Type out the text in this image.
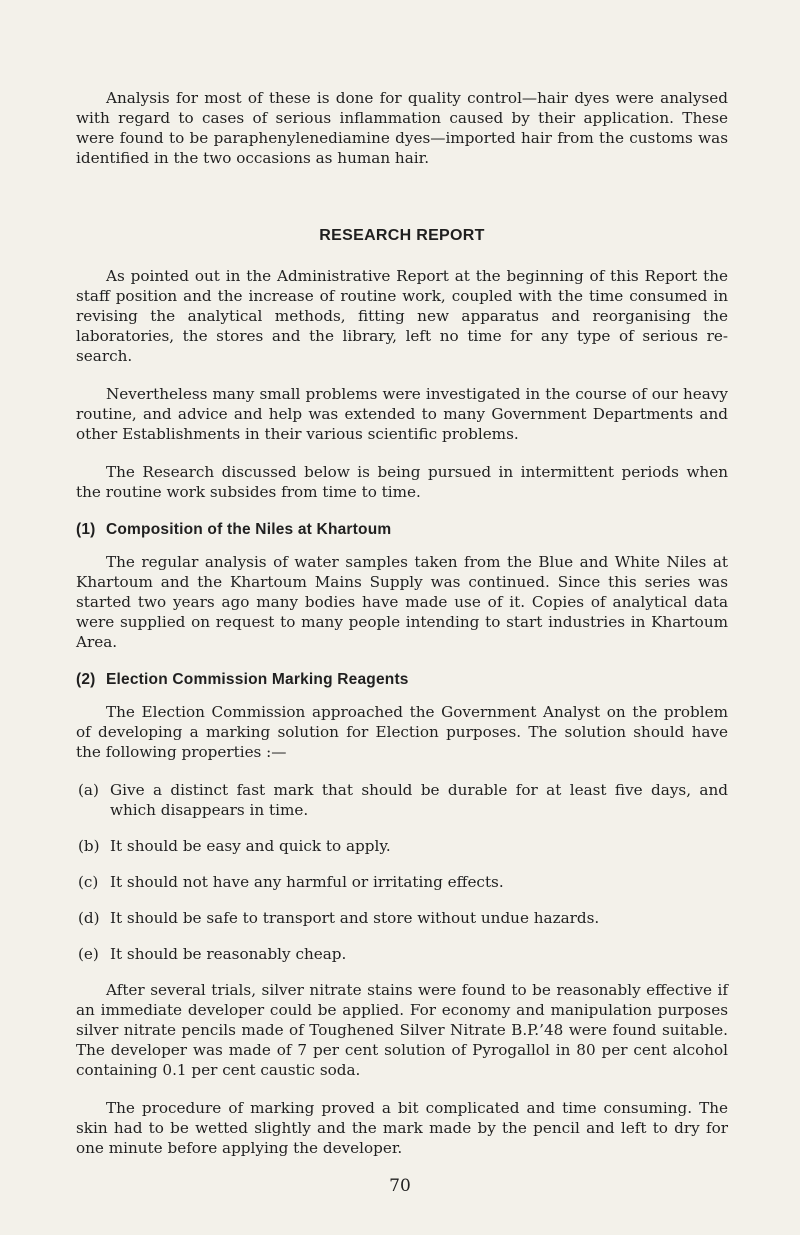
Analysis for most of these is done for quality control—hair dyes were analysed with regard to cases of serious inflammation caused by their application. These were found to be paraphenylenediamine dyes—imported hair from the customs was identified in the two occasions as human hair.

RESEARCH REPORT

As pointed out in the Administrative Report at the beginning of this Report the staff position and the increase of routine work, coupled with the time consumed in revising the analytical methods, fitting new apparatus and reorganising the laboratories, the stores and the library, left no time for any type of serious re-search.

Nevertheless many small problems were investigated in the course of our heavy routine, and advice and help was extended to many Government Departments and other Establishments in their various scientific problems.

The Research discussed below is being pursued in intermittent periods when the routine work subsides from time to time.

(1) Composition of the Niles at Khartoum

The regular analysis of water samples taken from the Blue and White Niles at Khartoum and the Khartoum Mains Supply was continued. Since this series was started two years ago many bodies have made use of it. Copies of analytical data were supplied on request to many people intending to start industries in Khartoum Area.

(2) Election Commission Marking Reagents

The Election Commission approached the Government Analyst on the problem of developing a marking solution for Election purposes. The solution should have the following properties :—

(a) Give a distinct fast mark that should be durable for at least five days, and which disappears in time.
(b) It should be easy and quick to apply.
(c) It should not have any harmful or irritating effects.
(d) It should be safe to transport and store without undue hazards.
(e) It should be reasonably cheap.

After several trials, silver nitrate stains were found to be reasonably effective if an immediate developer could be applied. For economy and manipulation purposes silver nitrate pencils made of Toughened Silver Nitrate B.P.’48 were found suitable. The developer was made of 7 per cent solution of Pyrogallol in 80 per cent alcohol containing 0.1 per cent caustic soda.

The procedure of marking proved a bit complicated and time consuming. The skin had to be wetted slightly and the mark made by the pencil and left to dry for one minute before applying the developer.

70
